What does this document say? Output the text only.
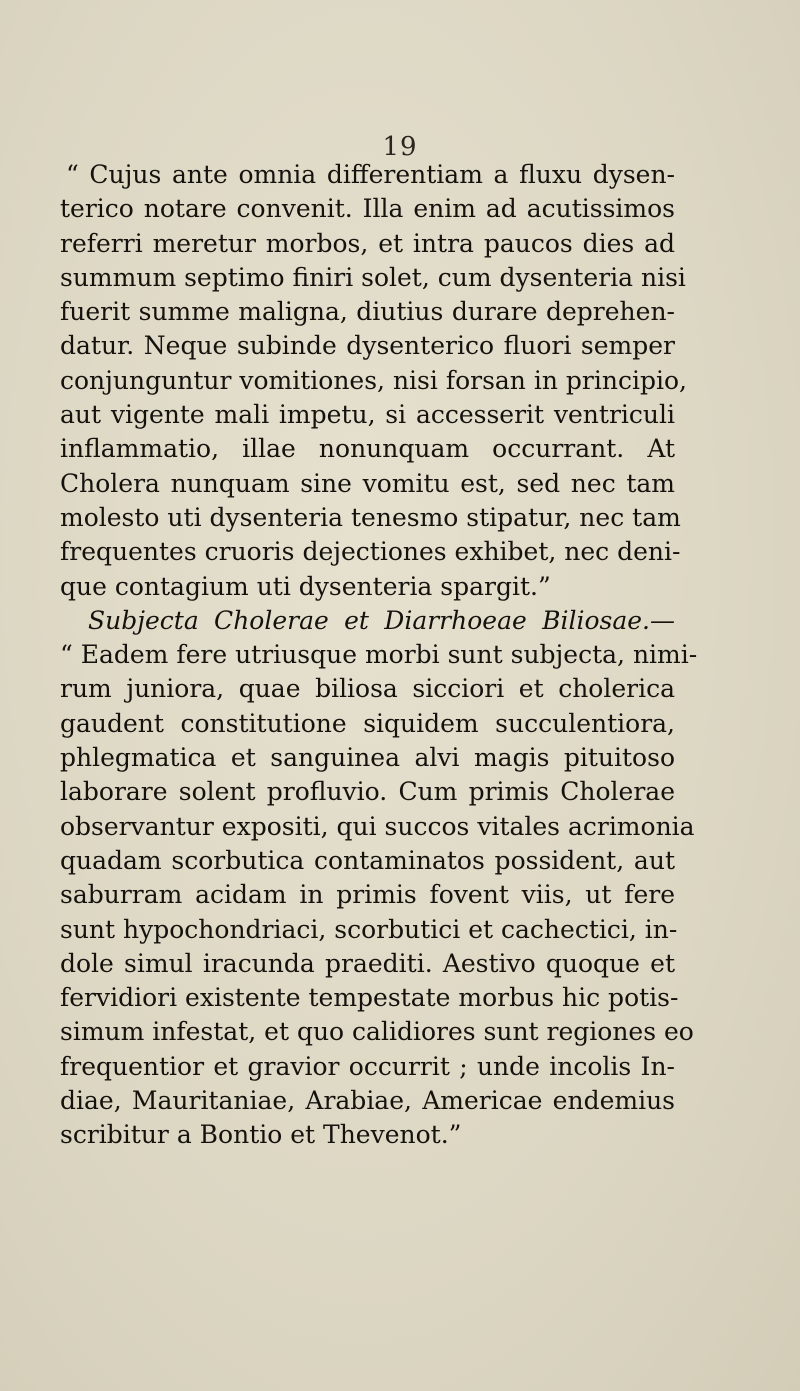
19
“ Cujus ante omnia differentiam a fluxu dysen-
terico notare convenit. Illa enim ad acutissimos
referri meretur morbos, et intra paucos dies ad
summum septimo finiri solet, cum dysenteria nisi
fuerit summe maligna, diutius durare deprehen-
datur. Neque subinde dysenterico fluori semper
conjunguntur vomitiones, nisi forsan in principio,
aut vigente mali impetu, si accesserit ventriculi
inflammatio, illae nonunquam occurrant. At
Cholera nunquam sine vomitu est, sed nec tam
molesto uti dysenteria tenesmo stipatur, nec tam
frequentes cruoris dejectiones exhibet, nec deni-
que contagium uti dysenteria spargit.”
Subjecta Cholerae et Diarrhoeae Biliosae.—
“ Eadem fere utriusque morbi sunt subjecta, nimi-
rum juniora, quae biliosa sicciori et cholerica
gaudent constitutione siquidem succulentiora,
phlegmatica et sanguinea alvi magis pituitoso
laborare solent profluvio. Cum primis Cholerae
observantur expositi, qui succos vitales acrimonia
quadam scorbutica contaminatos possident, aut
saburram acidam in primis fovent viis, ut fere
sunt hypochondriaci, scorbutici et cachectici, in-
dole simul iracunda praediti. Aestivo quoque et
fervidiori existente tempestate morbus hic potis-
simum infestat, et quo calidiores sunt regiones eo
frequentior et gravior occurrit ; unde incolis In-
diae, Mauritaniae, Arabiae, Americae endemius
scribitur a Bontio et Thevenot.”
